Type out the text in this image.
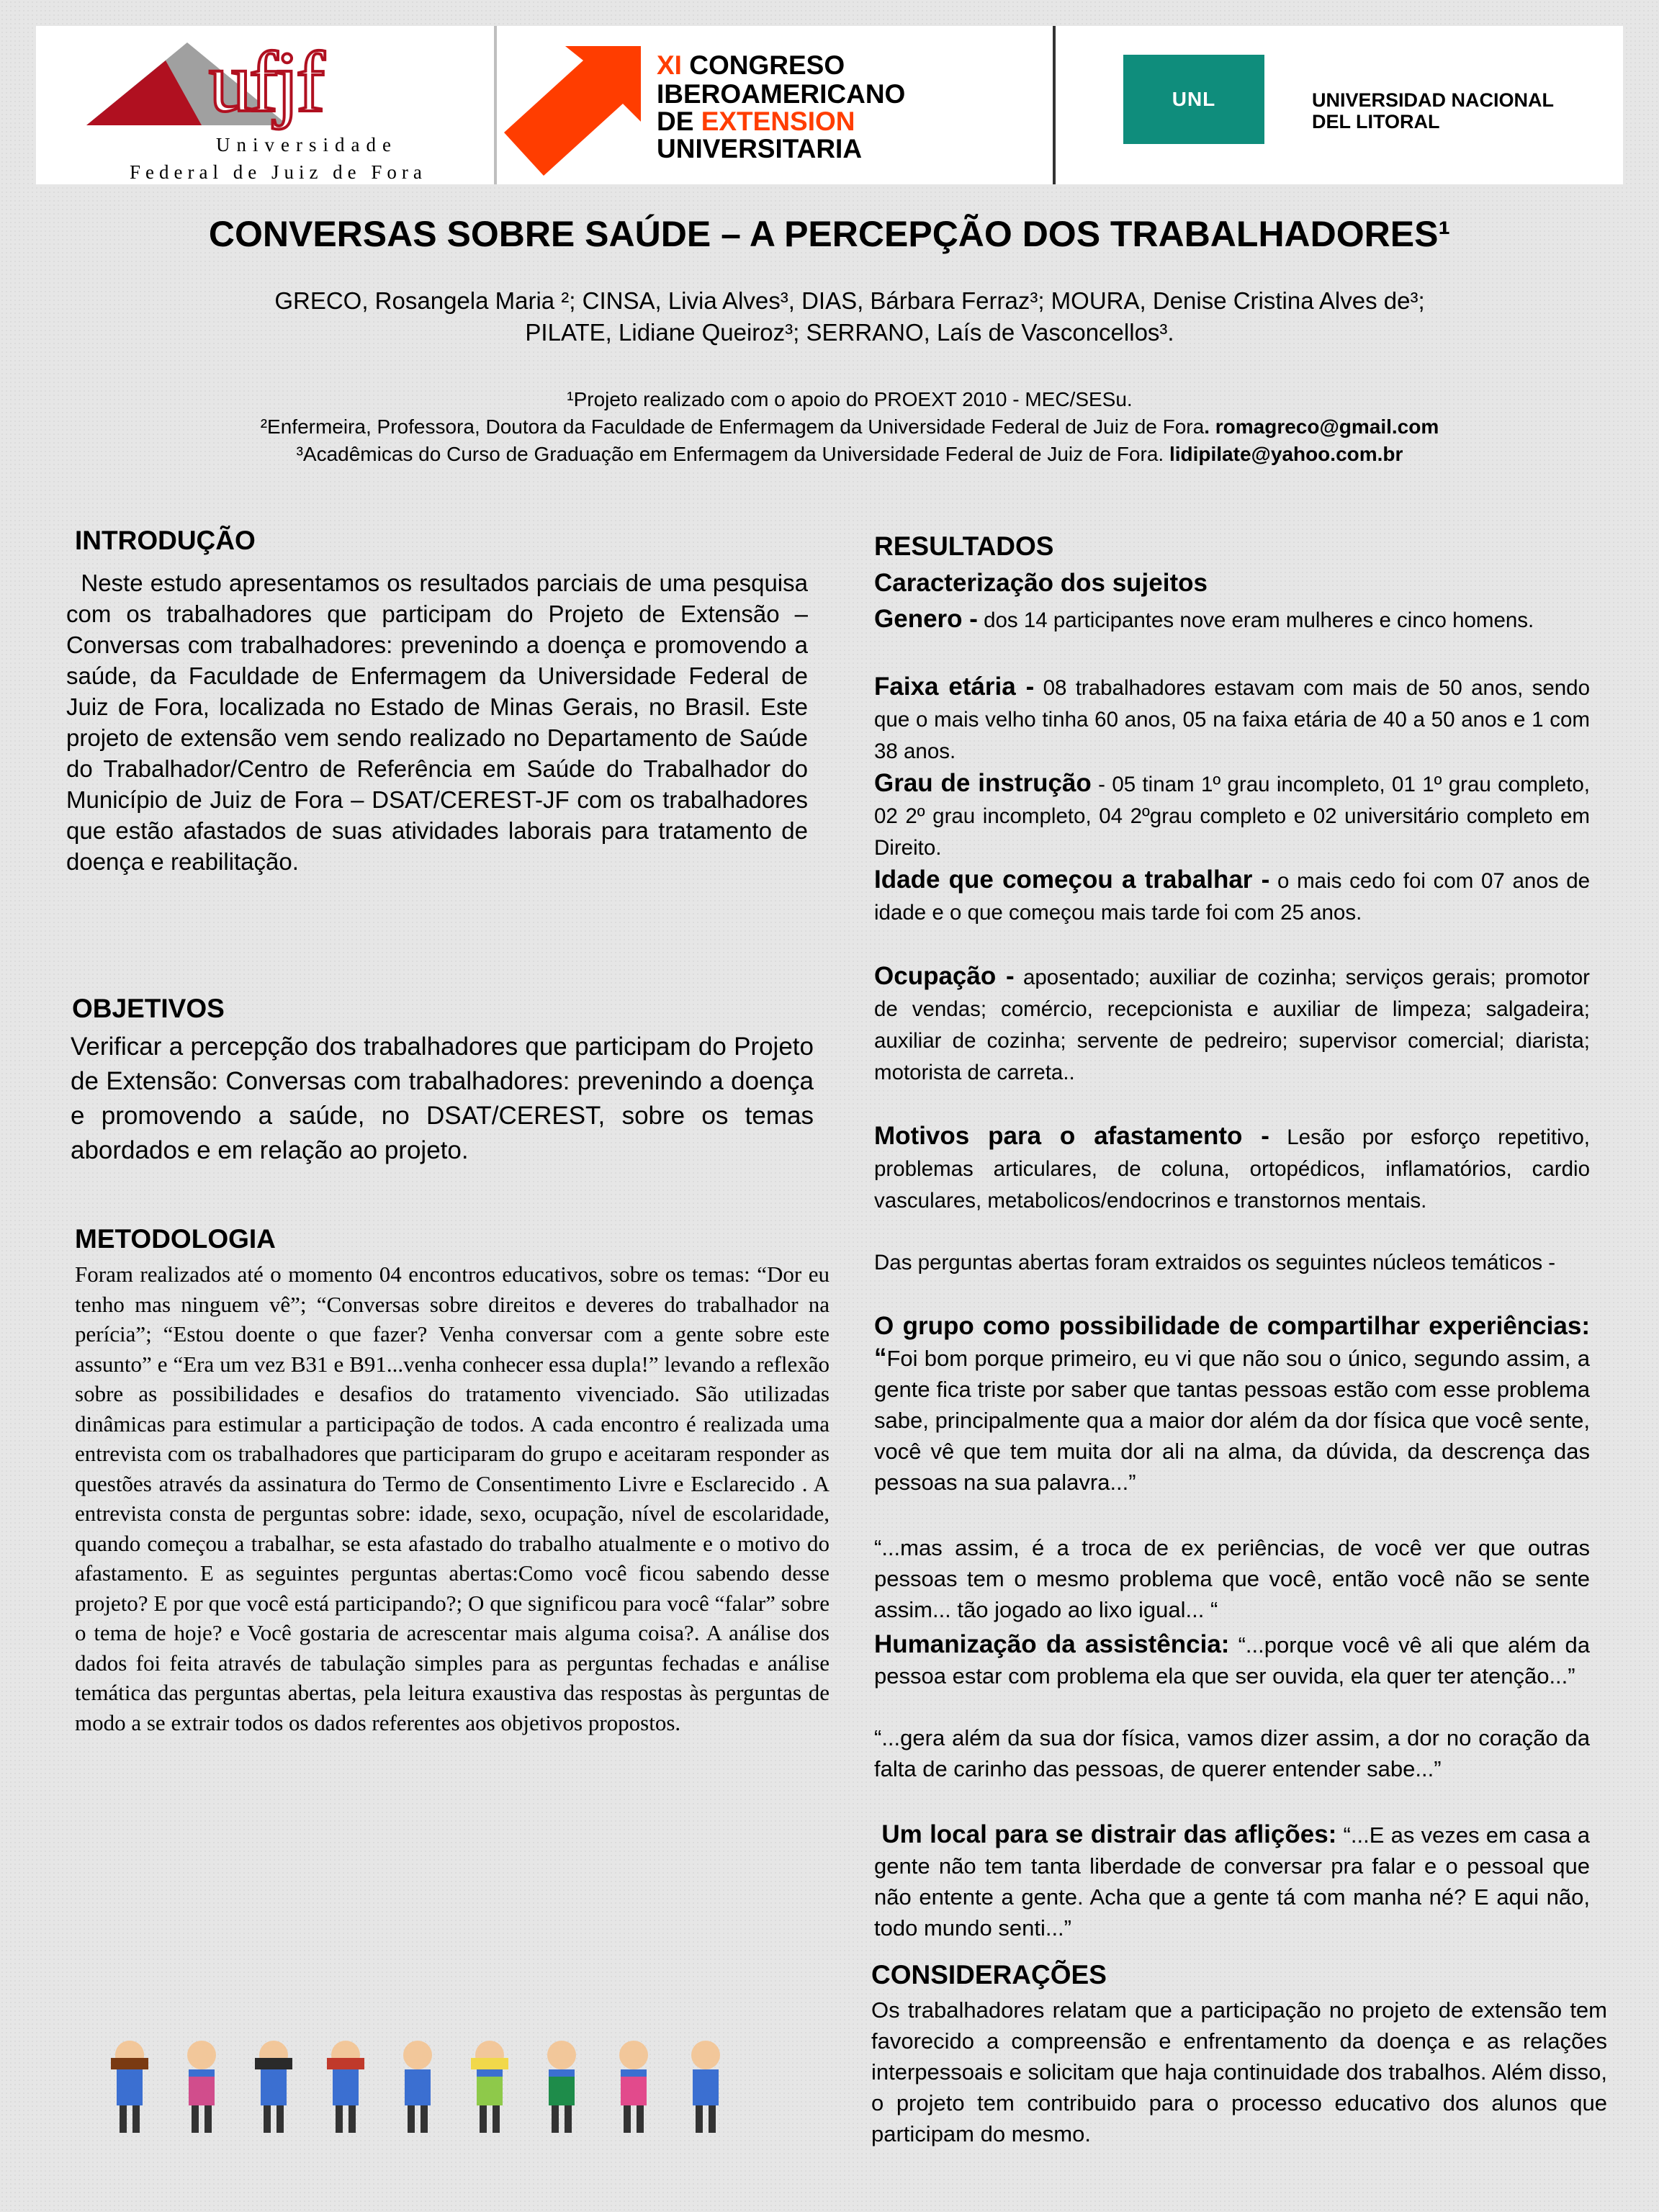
ufjf
Universidade
Federal de Juiz de Fora
XI CONGRESO
IBEROAMERICANO
DE EXTENSION
UNIVERSITARIA
UNL	UNIVERSIDAD NACIONAL
DEL LITORAL
CONVERSAS SOBRE SAÚDE – A PERCEPÇÃO DOS TRABALHADORES¹
GRECO, Rosangela Maria ²; CINSA, Livia Alves³, DIAS, Bárbara Ferraz³; MOURA, Denise Cristina Alves de³;
PILATE, Lidiane Queiroz³; SERRANO, Laís de Vasconcellos³.
¹Projeto realizado com o apoio do PROEXT 2010 - MEC/SESu.
²Enfermeira, Professora, Doutora da Faculdade de Enfermagem da Universidade Federal de Juiz de Fora. romagreco@gmail.com
³Acadêmicas do Curso de Graduação em Enfermagem da Universidade Federal de Juiz de Fora. lidipilate@yahoo.com.br
INTRODUÇÃO
Neste estudo apresentamos os resultados parciais de uma pesquisa com os trabalhadores que participam do Projeto de Extensão – Conversas com trabalhadores: prevenindo a doença e promovendo a saúde, da Faculdade de Enfermagem da Universidade Federal de Juiz de Fora, localizada no Estado de Minas Gerais, no Brasil. Este projeto de extensão vem sendo realizado no Departamento de Saúde do Trabalhador/Centro de Referência em Saúde do Trabalhador do Município de Juiz de Fora – DSAT/CEREST-JF com os trabalhadores que estão afastados de suas atividades laborais para tratamento de doença e reabilitação.
OBJETIVOS
Verificar a percepção dos trabalhadores que participam do Projeto de Extensão: Conversas com trabalhadores: prevenindo a doença e promovendo a saúde, no DSAT/CEREST, sobre os temas abordados e em relação ao projeto.
METODOLOGIA
Foram realizados até o momento 04 encontros educativos, sobre os temas: “Dor eu tenho mas ninguem vê”; “Conversas sobre direitos e deveres do trabalhador na perícia”; “Estou doente o que fazer? Venha conversar com a gente sobre este assunto” e “Era um vez B31 e B91...venha conhecer essa dupla!” levando a reflexão sobre as possibilidades e desafios do tratamento vivenciado. São utilizadas dinâmicas para estimular a participação de todos. A cada encontro é realizada uma entrevista com os trabalhadores que participaram do grupo e aceitaram responder as questões através da assinatura do Termo de Consentimento Livre e Esclarecido . A entrevista consta de perguntas sobre: idade, sexo, ocupação, nível de escolaridade, quando começou a trabalhar, se esta afastado do trabalho atualmente e o motivo do afastamento. E as seguintes perguntas abertas:Como você ficou sabendo desse projeto? E por que você está participando?; O que significou para você “falar” sobre o tema de hoje? e Você gostaria de acrescentar mais alguma coisa?. A análise dos dados foi feita através de tabulação simples para as perguntas fechadas e análise temática das perguntas abertas, pela leitura exaustiva das respostas às perguntas de modo a se extrair todos os dados referentes aos objetivos propostos.
RESULTADOS
Caracterização dos sujeitos
Genero - dos 14 participantes nove eram mulheres e cinco homens.
Faixa etária - 08 trabalhadores estavam com mais de 50 anos, sendo que o mais velho tinha 60 anos, 05 na faixa etária de 40 a 50 anos e 1 com 38 anos.
Grau de instrução - 05 tinam 1º grau incompleto, 01 1º grau completo, 02 2º grau incompleto, 04 2ºgrau completo e 02 universitário completo em Direito.
Idade que começou a trabalhar - o mais cedo foi com 07 anos de idade e o que começou mais tarde foi com 25 anos.
Ocupação - aposentado; auxiliar de cozinha; serviços gerais; promotor de vendas; comércio, recepcionista e auxiliar de limpeza; salgadeira; auxiliar de cozinha; servente de pedreiro; supervisor comercial; diarista; motorista de carreta..
Motivos para o afastamento - Lesão por esforço repetitivo, problemas articulares, de coluna, ortopédicos, inflamatórios, cardio vasculares, metabolicos/endocrinos e transtornos mentais.
Das perguntas abertas foram extraidos os seguintes núcleos temáticos -
O grupo como possibilidade de compartilhar experiências: “Foi bom porque primeiro, eu vi que não sou o único, segundo assim, a gente fica triste por saber que tantas pessoas estão com esse problema sabe, principalmente qua a maior dor além da dor física que você sente, você vê que tem muita dor ali na alma, da dúvida, da descrença das pessoas na sua palavra...”
“...mas assim, é a troca de ex periências, de você ver que outras pessoas tem o mesmo problema que você, então você não se sente assim... tão jogado ao lixo igual... “
Humanização da assistência: “...porque você vê ali que além da pessoa estar com problema ela que ser ouvida, ela quer ter atenção...”
“...gera além da sua dor física, vamos dizer assim, a dor no coração da falta de carinho das pessoas, de querer entender sabe...”
Um local para se distrair das aflições: “...E as vezes em casa a gente não tem tanta liberdade de conversar pra falar e o pessoal que não entente a gente. Acha que a gente tá com manha né? E aqui não, todo mundo senti...”
CONSIDERAÇÕES
Os trabalhadores relatam que a participação no projeto de extensão tem favorecido a compreensão e enfrentamento da doença e as relações interpessoais e solicitam que haja continuidade dos trabalhos. Além disso, o projeto tem contribuido para o processo educativo dos alunos que participam do mesmo.
